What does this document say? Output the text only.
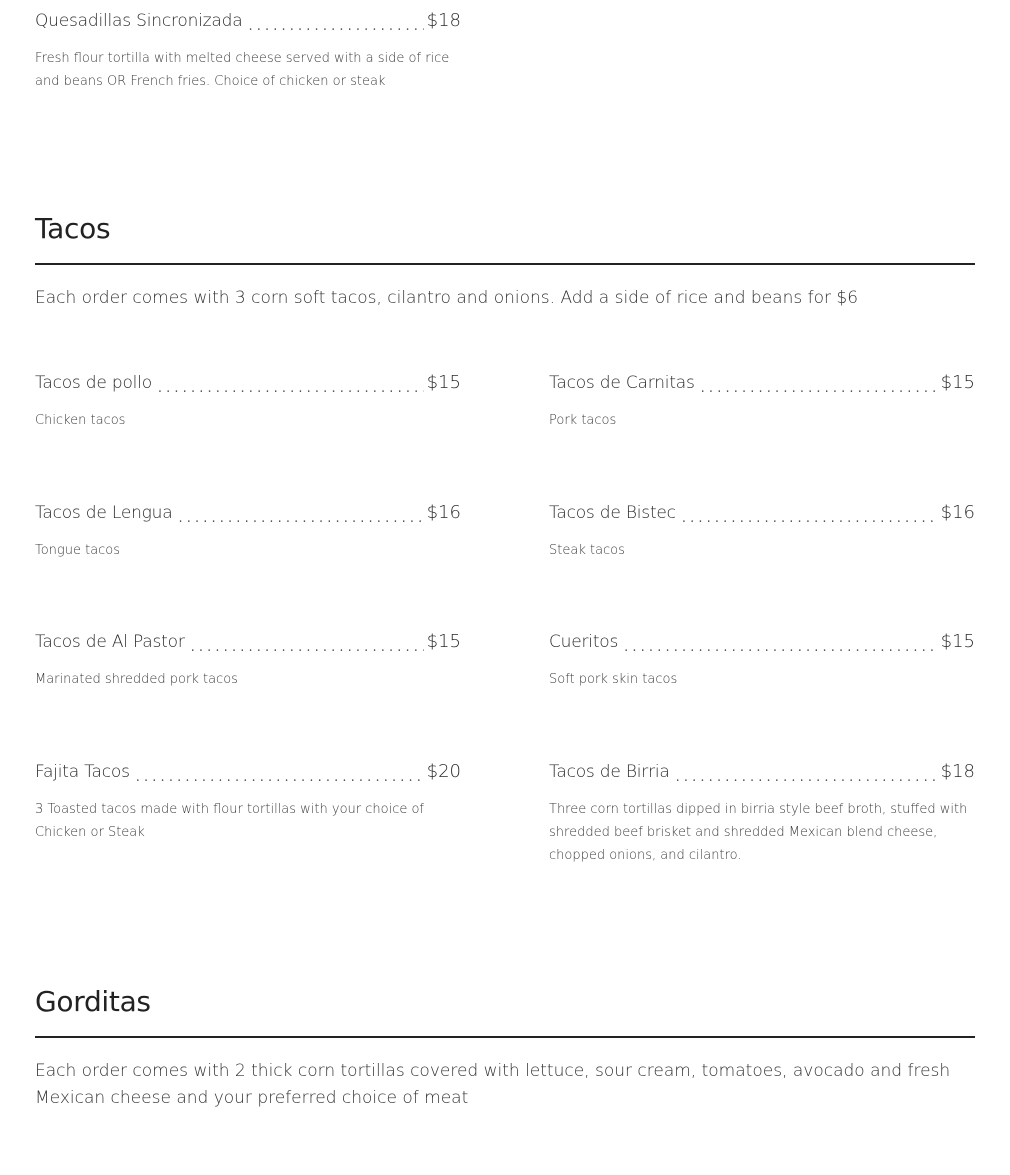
Quesadillas Sincronizada . . .	$18
Fresh flour tortilla with melted cheese served with a side of rice and beans OR French fries. Choice of chicken or steak
Tacos
Each order comes with 3 corn soft tacos, cilantro and onions. Add a side of rice and beans for $6
Tacos de pollo . . .	$15
Chicken tacos
Tacos de Carnitas . . .	$15
Pork tacos
Tacos de Lengua . . .	$16
Tongue tacos
Tacos de Bistec . . .	$16
Steak tacos
Tacos de Al Pastor . . .	$15
Marinated shredded pork tacos
Cueritos . . .	$15
Soft pork skin tacos
Fajita Tacos . . .	$20
3 Toasted tacos made with flour tortillas with your choice of Chicken or Steak
Tacos de Birria . . .	$18
Three corn tortillas dipped in birria style beef broth, stuffed with shredded beef brisket and shredded Mexican blend cheese, chopped onions, and cilantro.
Gorditas
Each order comes with 2 thick corn tortillas covered with lettuce, sour cream, tomatoes, avocado and fresh Mexican cheese and your preferred choice of meat
